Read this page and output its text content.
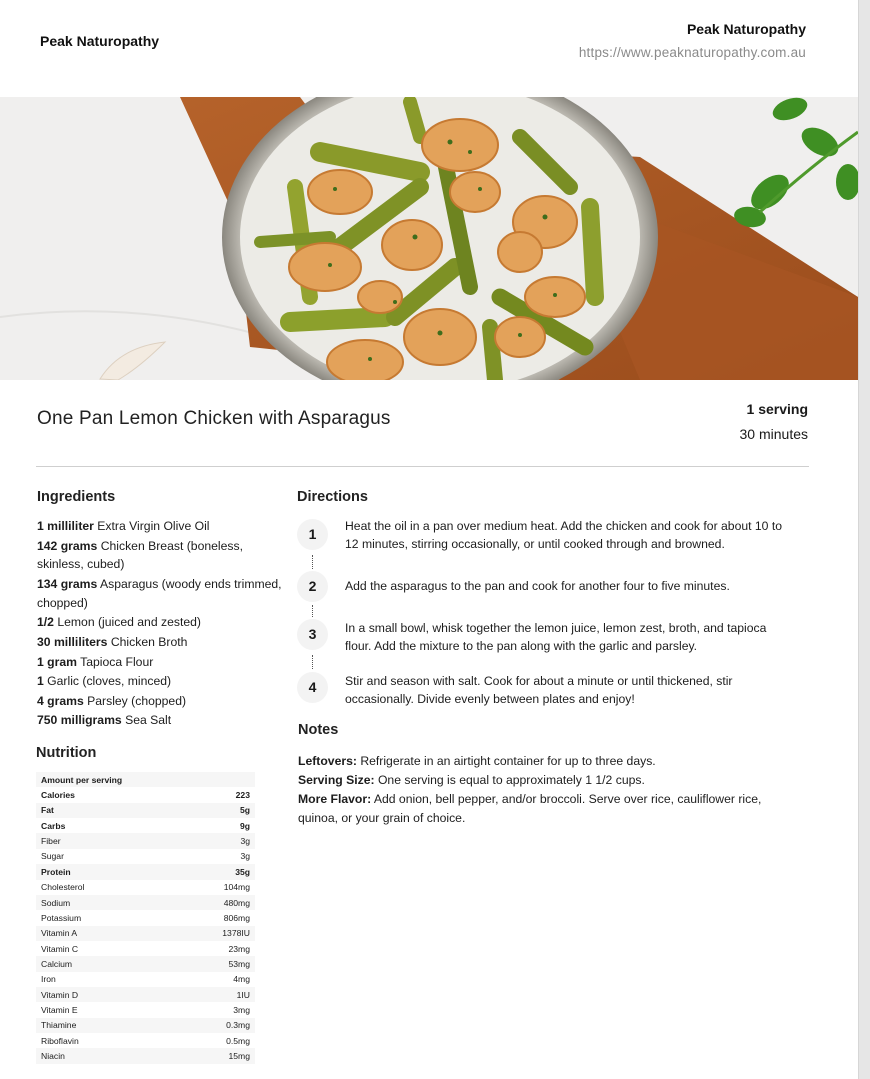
Peak Naturopathy
Peak Naturopathy
https://www.peaknaturopathy.com.au
One Pan Lemon Chicken with Asparagus	1 serving
30 minutes
Ingredients
1 milliliter Extra Virgin Olive Oil
142 grams Chicken Breast (boneless, skinless, cubed)
134 grams Asparagus (woody ends trimmed, chopped)
1/2 Lemon (juiced and zested)
30 milliliters Chicken Broth
1 gram Tapioca Flour
1 Garlic (cloves, minced)
4 grams Parsley (chopped)
750 milligrams Sea Salt
Nutrition
Amount per serving	
Calories	223
Fat	5g
Carbs	9g
Fiber	3g
Sugar	3g
Protein	35g
Cholesterol	104mg
Sodium	480mg
Potassium	806mg
Vitamin A	1378IU
Vitamin C	23mg
Calcium	53mg
Iron	4mg
Vitamin D	1IU
Vitamin E	3mg
Thiamine	0.3mg
Riboflavin	0.5mg
Niacin	15mg
Directions
1	Heat the oil in a pan over medium heat. Add the chicken and cook for about 10 to 12 minutes, stirring occasionally, or until cooked through and browned.
2	Add the asparagus to the pan and cook for another four to five minutes.
3	In a small bowl, whisk together the lemon juice, lemon zest, broth, and tapioca flour. Add the mixture to the pan along with the garlic and parsley.
4	Stir and season with salt. Cook for about a minute or until thickened, stir occasionally. Divide evenly between plates and enjoy!
Notes

Leftovers: Refrigerate in an airtight container for up to three days.

Serving Size: One serving is equal to approximately 1 1/2 cups.

More Flavor: Add onion, bell pepper, and/or broccoli. Serve over rice, cauliflower rice, quinoa, or your grain of choice.
